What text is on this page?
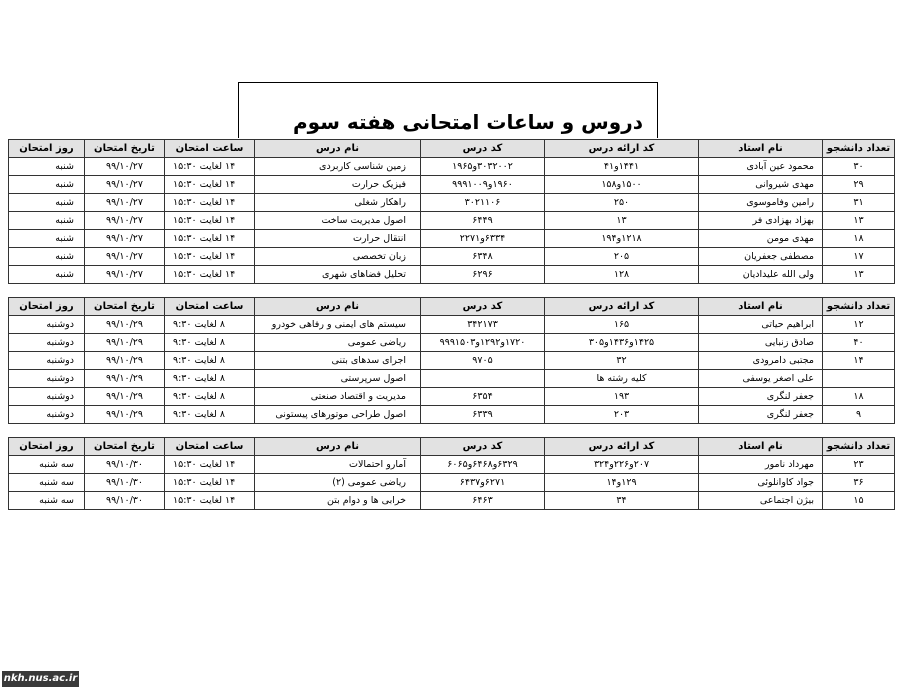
دروس و ساعات امتحانی هفته سوم
تعداد دانشجو	نام استاد	کد ارائه درس	کد درس	نام درس	ساعت امتحان	تاریخ امتحان	روز امتحان
۳۰	محمود عین آبادی	۱۴۴۱و۴۱	۳۰۳۲۰۰۲و۱۹۶۵	زمین شناسی کاربردی	۱۴ لغایت ۱۵:۳۰	۹۹/۱۰/۲۷	شنبه
۲۹	مهدی شیروانی	۱۵۰۰و۱۵۸	۱۹۶۰و۹۹۹۱۰۰۹	فیزیک حرارت	۱۴ لغایت ۱۵:۳۰	۹۹/۱۰/۲۷	شنبه
۳۱	رامین وفاموسوی	۲۵۰	۳۰۲۱۱۰۶	راهکار شغلی	۱۴ لغایت ۱۵:۳۰	۹۹/۱۰/۲۷	شنبه
۱۳	بهزاد بهزادی فر	۱۳	۶۴۴۹	اصول مدیریت ساخت	۱۴ لغایت ۱۵:۳۰	۹۹/۱۰/۲۷	شنبه
۱۸	مهدی مومن	۱۲۱۸و۱۹۴	۶۳۳۴و۲۲۷۱	انتقال حرارت	۱۴ لغایت ۱۵:۳۰	۹۹/۱۰/۲۷	شنبه
۱۷	مصطفی جعفریان	۲۰۵	۶۳۴۸	زبان تخصصی	۱۴ لغایت ۱۵:۳۰	۹۹/۱۰/۲۷	شنبه
۱۳	ولی الله علیدادیان	۱۲۸	۶۲۹۶	تحلیل فضاهای شهری	۱۴ لغایت ۱۵:۳۰	۹۹/۱۰/۲۷	شنبه
تعداد دانشجو	نام استاد	کد ارائه درس	کد درس	نام درس	ساعت امتحان	تاریخ امتحان	روز امتحان
۱۲	ابراهیم حیاتی	۱۶۵	۳۴۲۱۷۳	سیستم های ایمنی و رفاهی خودرو	۸ لغایت ۹:۳۰	۹۹/۱۰/۲۹	دوشنبه
۴۰	صادق زنبایی	۱۴۲۵و۱۴۳۶و۳۰۵	۱۷۲۰و۱۲۹۲و۹۹۹۱۵۰۳	ریاضی عمومی	۸ لغایت ۹:۳۰	۹۹/۱۰/۲۹	دوشنبه
۱۴	مجتبی دامرودی	۳۲	۹۷۰۵	اجرای سدهای بتنی	۸ لغایت ۹:۳۰	۹۹/۱۰/۲۹	دوشنبه
	علی اصغر یوسفی	کلیه رشته ها		اصول سرپرستی	۸ لغایت ۹:۳۰	۹۹/۱۰/۲۹	دوشنبه
۱۸	جعفر لنگری	۱۹۳	۶۳۵۴	مدیریت و اقتصاد صنعتی	۸ لغایت ۹:۳۰	۹۹/۱۰/۲۹	دوشنبه
۹	جعفر لنگری	۲۰۳	۶۳۳۹	اصول طراحی موتورهای پیستونی	۸ لغایت ۹:۳۰	۹۹/۱۰/۲۹	دوشنبه
تعداد دانشجو	نام استاد	کد ارائه درس	کد درس	نام درس	ساعت امتحان	تاریخ امتحان	روز امتحان
۲۳	مهرداد نامور	۲۰۷و۲۲۶و۳۲۴	۶۳۲۹و۶۴۶۸و۶۰۶۵	آمارو احتمالات	۱۴ لغایت ۱۵:۳۰	۹۹/۱۰/۳۰	سه شنبه
۳۶	جواد کاوانلوئی	۱۲۹و۱۴	۶۲۷۱و۶۴۳۷	ریاضی عمومی (۲)	۱۴ لغایت ۱۵:۳۰	۹۹/۱۰/۳۰	سه شنبه
۱۵	بیژن اجتماعی	۳۴	۶۴۶۳	خرابی ها و دوام بتن	۱۴ لغایت ۱۵:۳۰	۹۹/۱۰/۳۰	سه شنبه
nkh.nus.ac.ir
